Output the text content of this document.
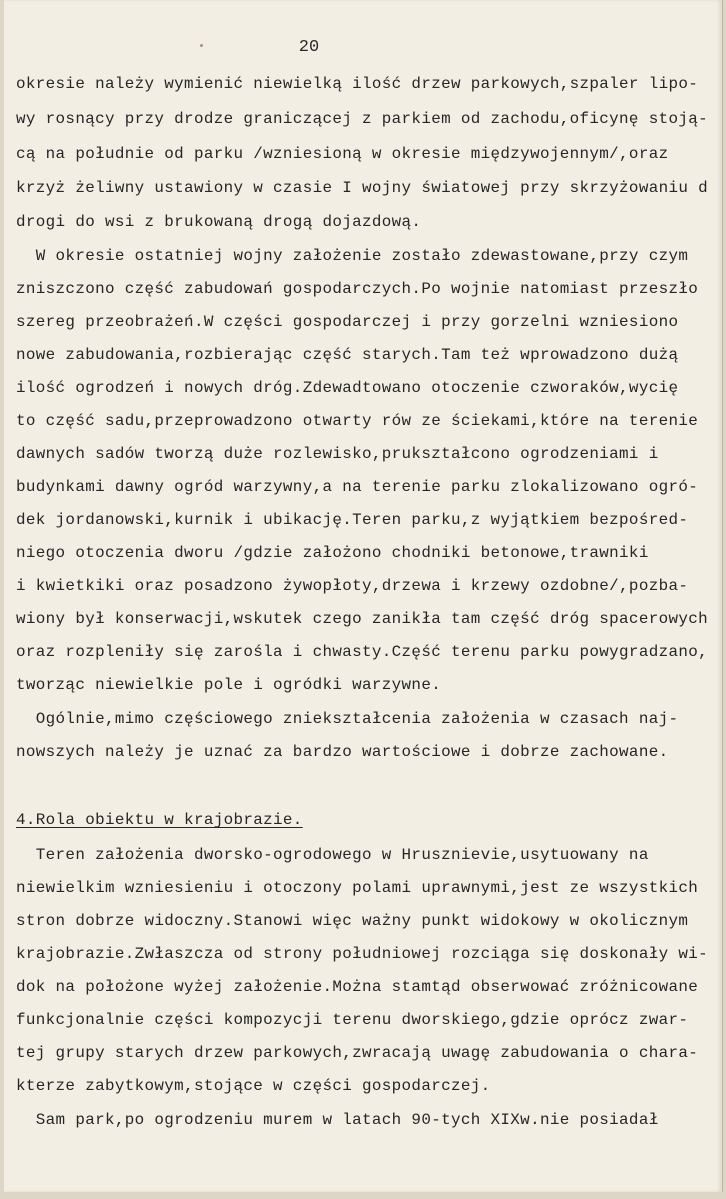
20
okresie należy wymienić niewielką ilość drzew parkowych,szpaler lipo-
wy rosnący przy drodze graniczącej z parkiem od zachodu,oficynę stoją-
cą na południe od parku /wzniesioną w okresie międzywojennym/,oraz
krzyż żeliwny ustawiony w czasie I wojny światowej przy skrzyżowaniu d
drogi do wsi z brukowaną drogą dojazdową.
W okresie ostatniej wojny założenie zostało zdewastowane,przy czym
zniszczono część zabudowań gospodarczych.Po wojnie natomiast przeszło
szereg przeobrażeń.W części gospodarczej i przy gorzelni wzniesiono
nowe zabudowania,rozbierając część starych.Tam też wprowadzono dużą
ilość ogrodzeń i nowych dróg.Zdewadtowano otoczenie czworaków,wycię
to część sadu,przeprowadzono otwarty rów ze ściekami,które na terenie
dawnych sadów tworzą duże rozlewisko,prukształcono ogrodzeniami i
budynkami dawny ogród warzywny,a na terenie parku zlokalizowano ogró-
dek jordanowski,kurnik i ubikację.Teren parku,z wyjątkiem bezpośred-
niego otoczenia dworu /gdzie założono chodniki betonowe,trawniki
i kwietkiki oraz posadzono żywopłoty,drzewa i krzewy ozdobne/,pozba-
wiony był konserwacji,wskutek czego zanikła tam część dróg spacerowych
oraz rozpleniły się zarośla i chwasty.Część terenu parku powygradzano,
tworząc niewielkie pole i ogródki warzywne.
Ogólnie,mimo częściowego zniekształcenia założenia w czasach naj-
nowszych należy je uznać za bardzo wartościowe i dobrze zachowane.
4.Rola obiektu w krajobrazie.
Teren założenia dworsko-ogrodowego w Hrusznievie,usytuowany na
niewielkim wzniesieniu i otoczony polami uprawnymi,jest ze wszystkich
stron dobrze widoczny.Stanowi więc ważny punkt widokowy w okolicznym
krajobrazie.Zwłaszcza od strony południowej rozciąga się doskonały wi-
dok na położone wyżej założenie.Można stamtąd obserwować zróżnicowane
funkcjonalnie części kompozycji terenu dworskiego,gdzie oprócz zwar-
tej grupy starych drzew parkowych,zwracają uwagę zabudowania o chara-
kterze zabytkowym,stojące w części gospodarczej.
Sam park,po ogrodzeniu murem w latach 90-tych XIXw.nie posiadał
